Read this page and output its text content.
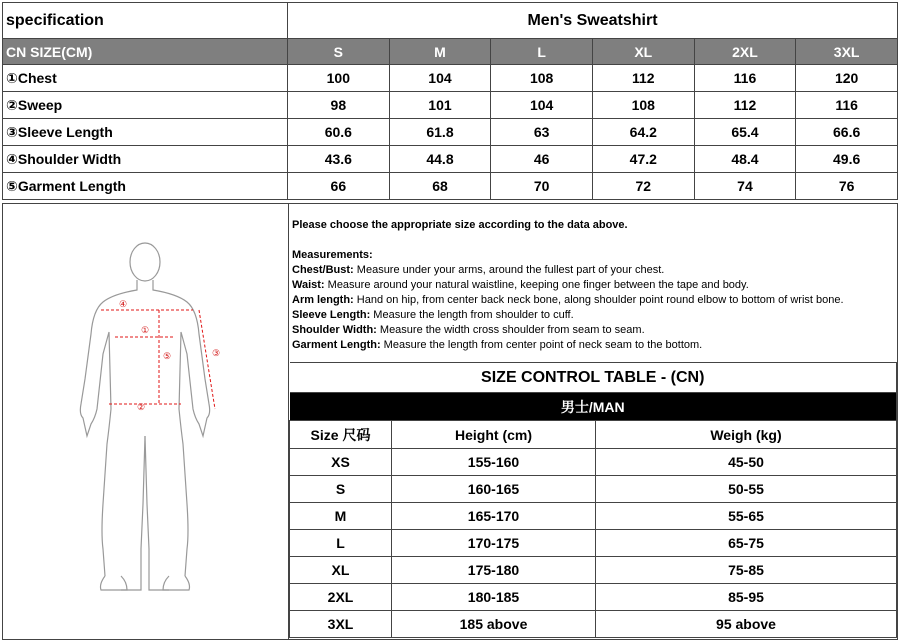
specification	Men's Sweatshirt					
CN SIZE(CM)	S	M	L	XL	2XL	3XL
①Chest	100	104	108	112	116	120
②Sweep	98	101	104	108	112	116
③Sleeve Length	60.6	61.8	63	64.2	65.4	66.6
④Shoulder Width	43.6	44.8	46	47.2	48.4	49.6
⑤Garment Length	66	68	70	72	74	76
④
①
②
③
⑤
Please choose the appropriate size according to the data above.
Measurements:
Chest/Bust: Measure under your arms, around the fullest part of your chest.
Waist: Measure around your natural waistline, keeping one finger between the tape and body.
Arm length: Hand on hip, from center back neck bone, along shoulder point round elbow to bottom of wrist bone.
Sleeve Length: Measure the length from shoulder to cuff.
Shoulder Width: Measure the width cross shoulder from seam to seam.
Garment Length: Measure the length from center point of neck seam to the bottom.
SIZE CONTROL TABLE - (CN)		
男士/MAN		
Size 尺码	Height (cm)	Weigh (kg)
XS	155-160	45-50
S	160-165	50-55
M	165-170	55-65
L	170-175	65-75
XL	175-180	75-85
2XL	180-185	85-95
3XL	185 above	95 above
